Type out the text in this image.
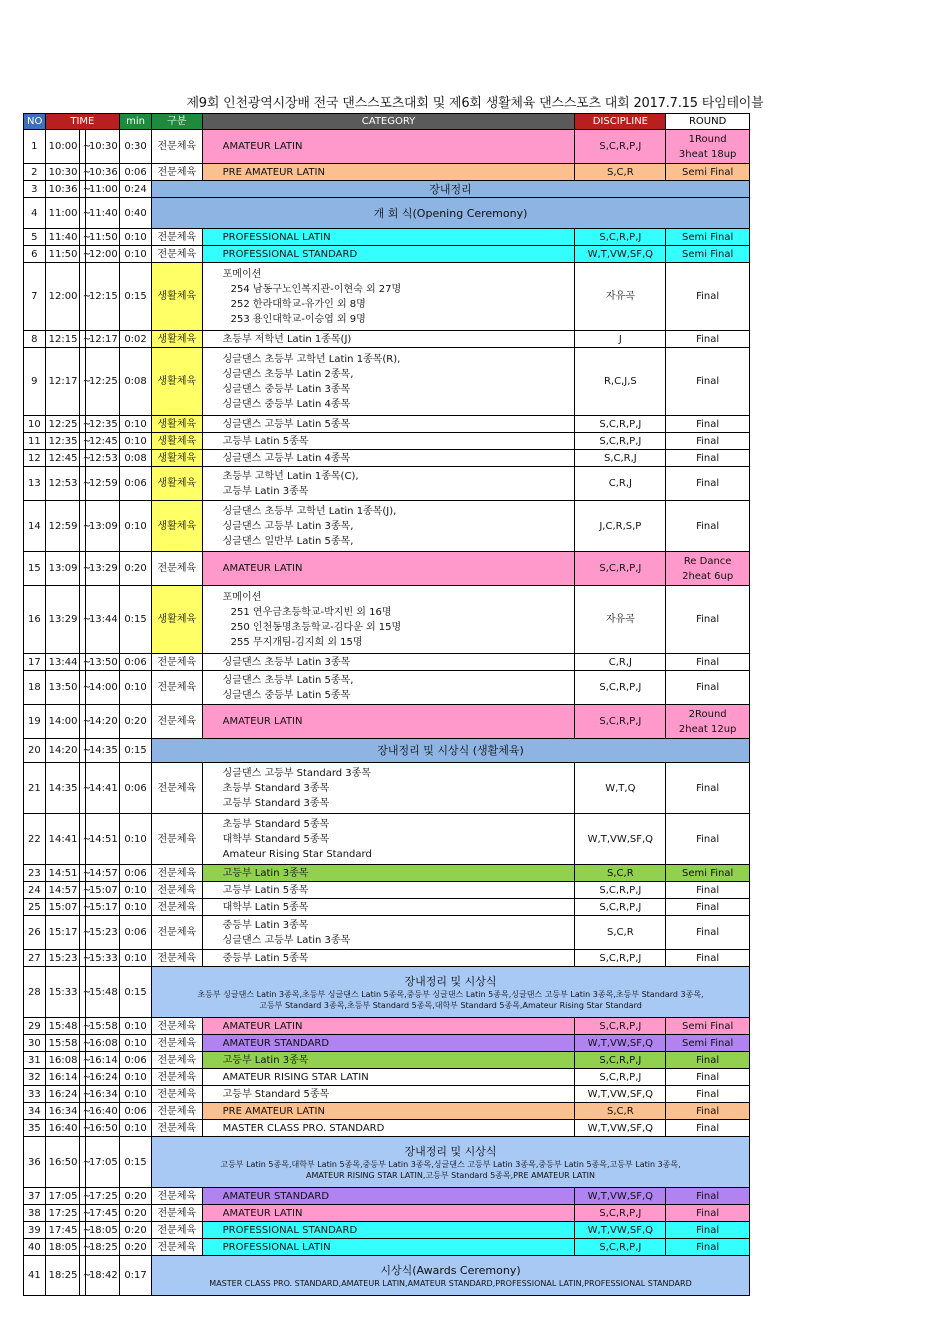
제9회 인천광역시장배 전국 댄스스포츠대회 및 제6회 생활체육 댄스스포츠 대회 2017.7.15 타임테이블
NO	TIME			min	구분	CATEGORY	DISCIPLINE	ROUND
1	10:00	~	10:30	0:30	전문체육	AMATEUR LATIN	S,C,R,P,J	1Round
3heat 18up

2	10:30	~	10:36	0:06	전문체육	PRE AMATEUR LATIN	S,C,R	Semi Final

3	10:36	~	11:00	0:24	장내정리			

4	11:00	~	11:40	0:40	개 회 식(Opening Ceremony)			

5	11:40	~	11:50	0:10	전문체육	PROFESSIONAL LATIN	S,C,R,P,J	Semi Final

6	11:50	~	12:00	0:10	전문체육	PROFESSIONAL STANDARD	W,T,VW,SF,Q	Semi Final

7	12:00	~	12:15	0:15	생활체육	포메이션
254 남동구노인복지관-이현숙 외 27명
252 한라대학교-유가인 외 8명
253 용인대학교-이승엽 외 9명	자유곡	Final

8	12:15	~	12:17	0:02	생활체육	초등부 저학년 Latin 1종목(J)	J	Final

9	12:17	~	12:25	0:08	생활체육	싱글댄스 초등부 고학년 Latin 1종목(R),
싱글댄스 초등부 Latin 2종목,
싱글댄스 중등부 Latin 3종목
싱글댄스 중등부 Latin 4종목	R,C,J,S	Final

10	12:25	~	12:35	0:10	생활체육	싱글댄스 고등부 Latin 5종목	S,C,R,P,J	Final

11	12:35	~	12:45	0:10	생활체육	고등부 Latin 5종목	S,C,R,P,J	Final

12	12:45	~	12:53	0:08	생활체육	싱글댄스 고등부 Latin 4종목	S,C,R,J	Final

13	12:53	~	12:59	0:06	생활체육	초등부 고학년 Latin 1종목(C),
고등부 Latin 3종목	C,R,J	Final

14	12:59	~	13:09	0:10	생활체육	싱글댄스 초등부 고학년 Latin 1종목(J),
싱글댄스 고등부 Latin 3종목,
싱글댄스 일반부 Latin 5종목,	J,C,R,S,P	Final

15	13:09	~	13:29	0:20	전문체육	AMATEUR LATIN	S,C,R,P,J	Re Dance
2heat 6up

16	13:29	~	13:44	0:15	생활체육	포메이션
251 연우금초등학교-박지빈 외 16명
250 인천동명초등학교-김다운 외 15명
255 무지개팀-김지희 외 15명	자유곡	Final

17	13:44	~	13:50	0:06	전문체육	싱글댄스 초등부 Latin 3종목	C,R,J	Final

18	13:50	~	14:00	0:10	전문체육	싱글댄스 초등부 Latin 5종목,
싱글댄스 중등부 Latin 5종목	S,C,R,P,J	Final

19	14:00	~	14:20	0:20	전문체육	AMATEUR LATIN	S,C,R,P,J	2Round
2heat 12up

20	14:20	~	14:35	0:15	장내정리 및 시상식 (생활체육)			

21	14:35	~	14:41	0:06	전문체육	싱글댄스 고등부 Standard 3종목
초등부 Standard 3종목
고등부 Standard 3종목	W,T,Q	Final

22	14:41	~	14:51	0:10	전문체육	초등부 Standard 5종목
대학부 Standard 5종목
Amateur Rising Star Standard	W,T,VW,SF,Q	Final

23	14:51	~	14:57	0:06	전문체육	고등부 Latin 3종목	S,C,R	Semi Final

24	14:57	~	15:07	0:10	전문체육	고등부 Latin 5종목	S,C,R,P,J	Final

25	15:07	~	15:17	0:10	전문체육	대학부 Latin 5종목	S,C,R,P,J	Final

26	15:17	~	15:23	0:06	전문체육	중등부 Latin 3종목
싱글댄스 고등부 Latin 3종목	S,C,R	Final

27	15:23	~	15:33	0:10	전문체육	중등부 Latin 5종목	S,C,R,P,J	Final

28	15:33	~	15:48	0:15	장내정리 및 시상식
초등부 싱글댄스 Latin 3종목,초등부 싱글댄스 Latin 5종목,중등부 싱글댄스 Latin 5종목,싱글댄스 고등부 Latin 3종목,초등부 Standard 3종목,
고등부 Standard 3종목,초등부 Standard 5종목,대학부 Standard 5종목,Amateur Rising Star Standard			

29	15:48	~	15:58	0:10	전문체육	AMATEUR LATIN	S,C,R,P,J	Semi Final

30	15:58	~	16:08	0:10	전문체육	AMATEUR STANDARD	W,T,VW,SF,Q	Semi Final

31	16:08	~	16:14	0:06	전문체육	고등부 Latin 3종목	S,C,R,P,J	Final

32	16:14	~	16:24	0:10	전문체육	AMATEUR RISING STAR LATIN	S,C,R,P,J	Final

33	16:24	~	16:34	0:10	전문체육	고등부 Standard 5종목	W,T,VW,SF,Q	Final

34	16:34	~	16:40	0:06	전문체육	PRE AMATEUR LATIN	S,C,R	Final

35	16:40	~	16:50	0:10	전문체육	MASTER CLASS PRO. STANDARD	W,T,VW,SF,Q	Final

36	16:50	~	17:05	0:15	장내정리 및 시상식
고등부 Latin 5종목,대학부 Latin 5종목,중등부 Latin 3종목,싱글댄스 고등부 Latin 3종목,중등부 Latin 5종목,고등부 Latin 3종목,
AMATEUR RISING STAR LATIN,고등부 Standard 5종목,PRE AMATEUR LATIN			

37	17:05	~	17:25	0:20	전문체육	AMATEUR STANDARD	W,T,VW,SF,Q	Final

38	17:25	~	17:45	0:20	전문체육	AMATEUR LATIN	S,C,R,P,J	Final

39	17:45	~	18:05	0:20	전문체육	PROFESSIONAL STANDARD	W,T,VW,SF,Q	Final

40	18:05	~	18:25	0:20	전문체육	PROFESSIONAL LATIN	S,C,R,P,J	Final

41	18:25	~	18:42	0:17	시상식(Awards Ceremony)
MASTER CLASS PRO. STANDARD,AMATEUR LATIN,AMATEUR STANDARD,PROFESSIONAL LATIN,PROFESSIONAL STANDARD			
